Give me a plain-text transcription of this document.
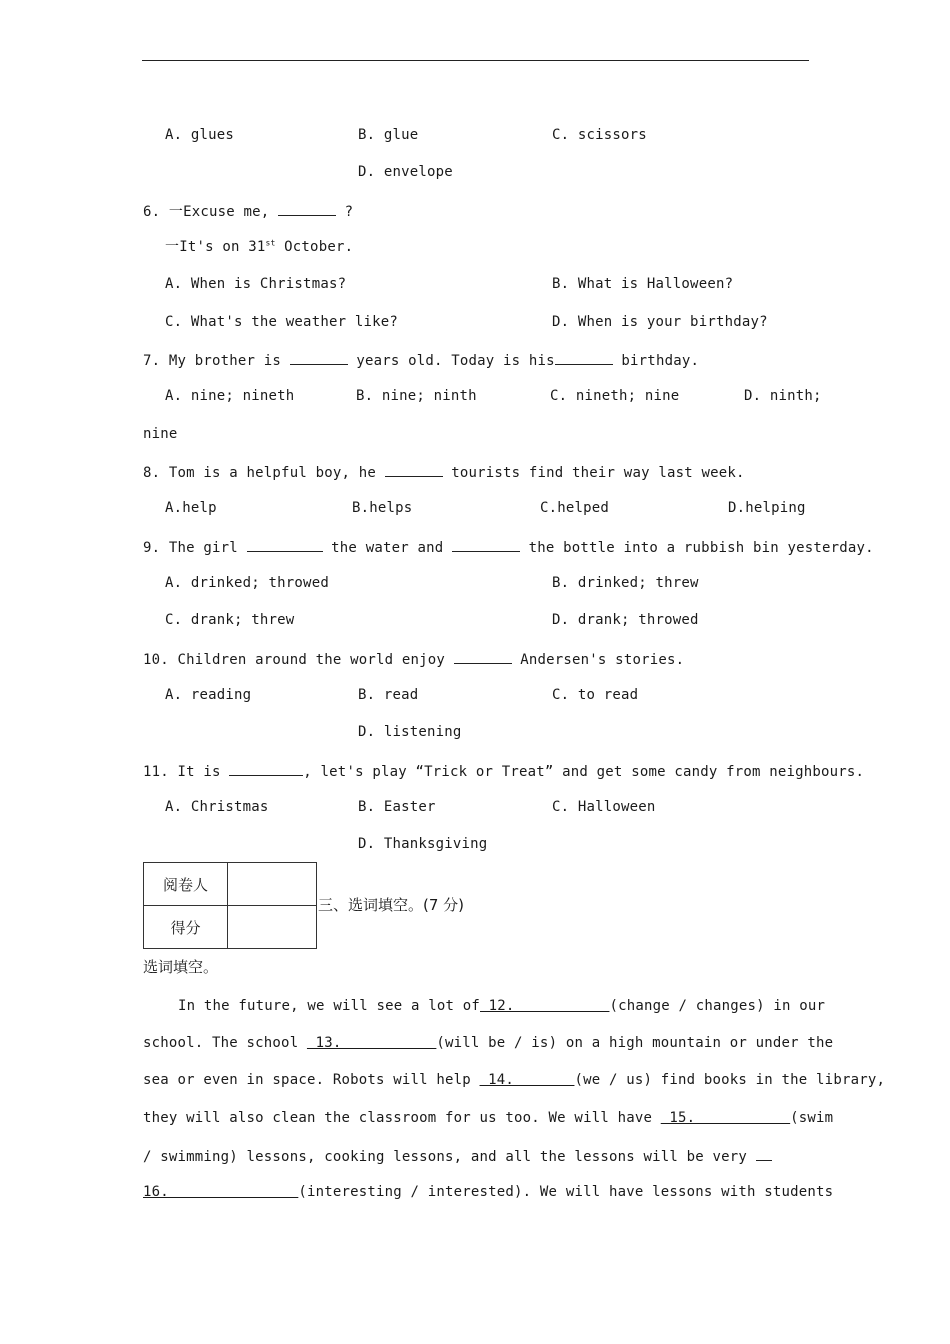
A. glues	B. glue	C. scissors
D. envelope
6. 一Excuse me,	?
一It's on 31st October.
A. When is Christmas?	B. What is Halloween?
C. What's the weather like?	D. When is your birthday?
7. My brother is	years old. Today is his	birthday.
A. nine; nineth	B. nine; ninth	C. nineth; nine	D. ninth;
nine
8. Tom is a helpful boy, he	tourists find their way last week.
A.help	B.helps	C.helped	D.helping
9. The girl	the water and	the bottle into a rubbish bin yesterday.
A. drinked; throwed	B. drinked; threw
C. drank; threw	D. drank; throwed
10. Children around the world enjoy	Andersen's stories.
A. reading	B. read	C. to read
D. listening
11. It is	, let's play “Trick or Treat” and get some candy from neighbours.
A. Christmas	B. Easter	C. Halloween
D. Thanksgiving
阅卷人	
得分	
三、选词填空。(7 分)
选词填空。
In the future, we will see a lot of 12.           (change / changes) in our
school. The school  13.           (will be / is) on a high mountain or under the
sea or even in space. Robots will help  14.       (we / us) find books in the library,
they will also clean the classroom for us too. We will have  15.           (swim
/ swimming) lessons, cooking lessons, and all the lessons will be very
16.               (interesting / interested). We will have lessons with students
